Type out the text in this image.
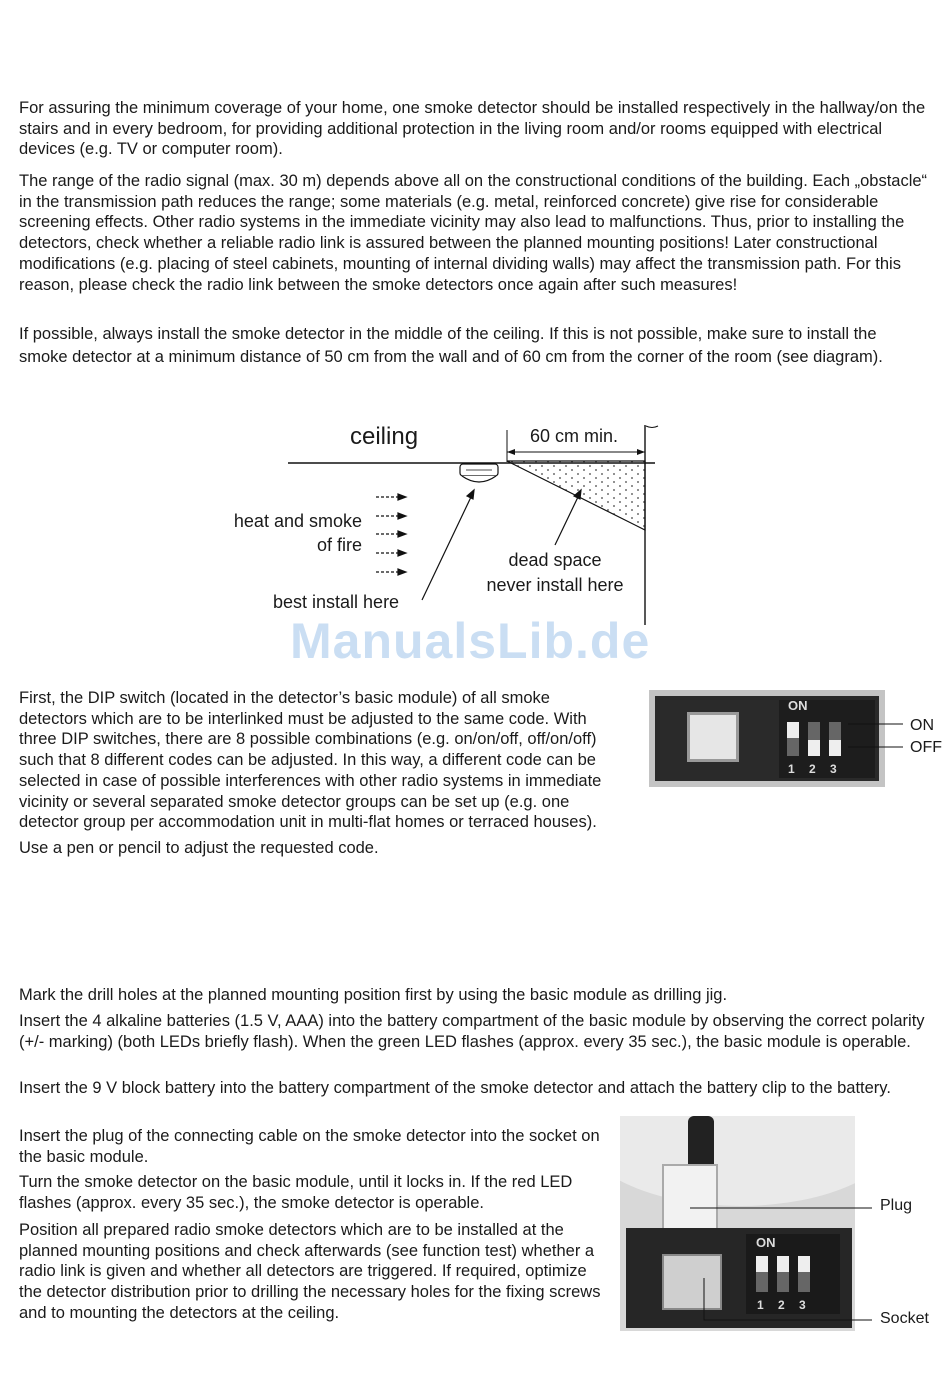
For assuring the minimum coverage of your home, one smoke detector should be installed respectively in the hallway/on the stairs and in every bedroom, for providing additional protection in the living room and/or rooms equipped with electrical devices (e.g. TV or computer room).

The range of the radio signal (max. 30 m) depends above all on the constructional conditions of the building. Each „obstacle“ in the transmission path reduces the range; some materials (e.g. metal, reinforced concrete) give rise for considerable screening effects. Other radio systems in the immediate vicinity may also lead to malfunctions. Thus, prior to installing the detectors, check whether a reliable radio link is assured between the planned mounting positions! Later constructional modifications (e.g. placing of steel cabinets, mounting of internal dividing walls) may affect the transmission path. For this reason, please check the radio link between the smoke detectors once again after such measures!

If possible, always install the smoke detector in the middle of the ceiling. If this is not possible, make sure to install the smoke detector at a minimum distance of 50 cm from the wall and of 60 cm from the corner of the room (see diagram).

ceiling	60 cm min.
heat and smoke
of fire
best install here
dead space
never install here
ManualsLib.de

First, the DIP switch (located in the detector’s basic module) of all smoke detectors which are to be interlinked must be adjusted to the same code. With three DIP switches, there are 8 possible combinations (e.g. on/on/off, off/on/off) such that 8 different codes can be adjusted. In this way, a different code can be selected in case of possible interferences with other radio systems in immediate vicinity or several separated smoke detector groups can be set up (e.g. one detector group per accommodation unit in multi-flat homes or terraced houses).

Use a pen or pencil to adjust the requested code.

ON
1 2 3
ON
OFF

Mark the drill holes at the planned mounting position first by using the basic module as drilling jig.

Insert the 4 alkaline batteries (1.5 V, AAA) into the battery compartment of the basic module by observing the correct polarity (+/- marking) (both LEDs briefly flash). When the green LED flashes (approx. every 35 sec.), the basic module is operable.

Insert the 9 V block battery into the battery compartment of the smoke detector and attach the battery clip to the battery.

Insert the plug of the connecting cable on the smoke detector into the socket on the basic module.

Turn the smoke detector on the basic module, until it locks in. If the red LED flashes (approx. every 35 sec.), the smoke detector is operable.

Position all prepared radio smoke detectors which are to be installed at the planned mounting positions and check afterwards (see function test) whether a radio link is given and whether all detectors are triggered. If required, optimize the detector distribution prior to drilling the necessary holes for the fixing screws and to mounting the detectors at the ceiling.

ON
1 2 3
Plug
Socket
